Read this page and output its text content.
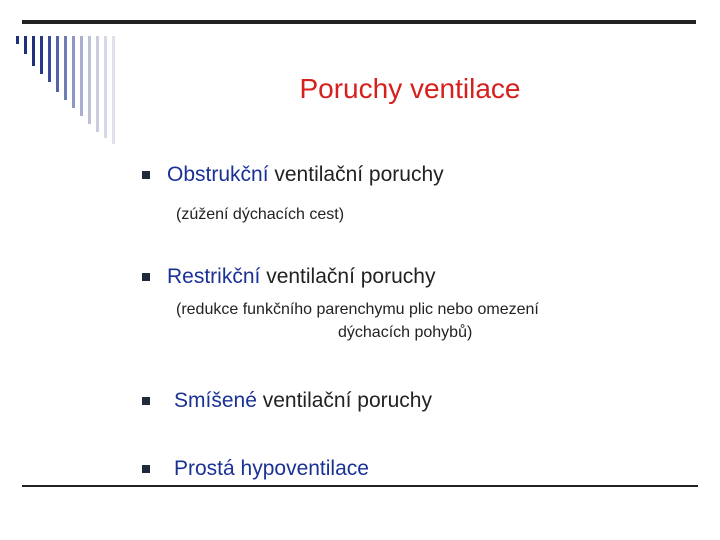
Poruchy ventilace
Obstrukční ventilační poruchy
(zúžení dýchacích cest)
Restrikční ventilační poruchy
(redukce funkčního parenchymu plic nebo omezení
dýchacích pohybů)
Smíšené ventilační poruchy
Prostá hypoventilace
